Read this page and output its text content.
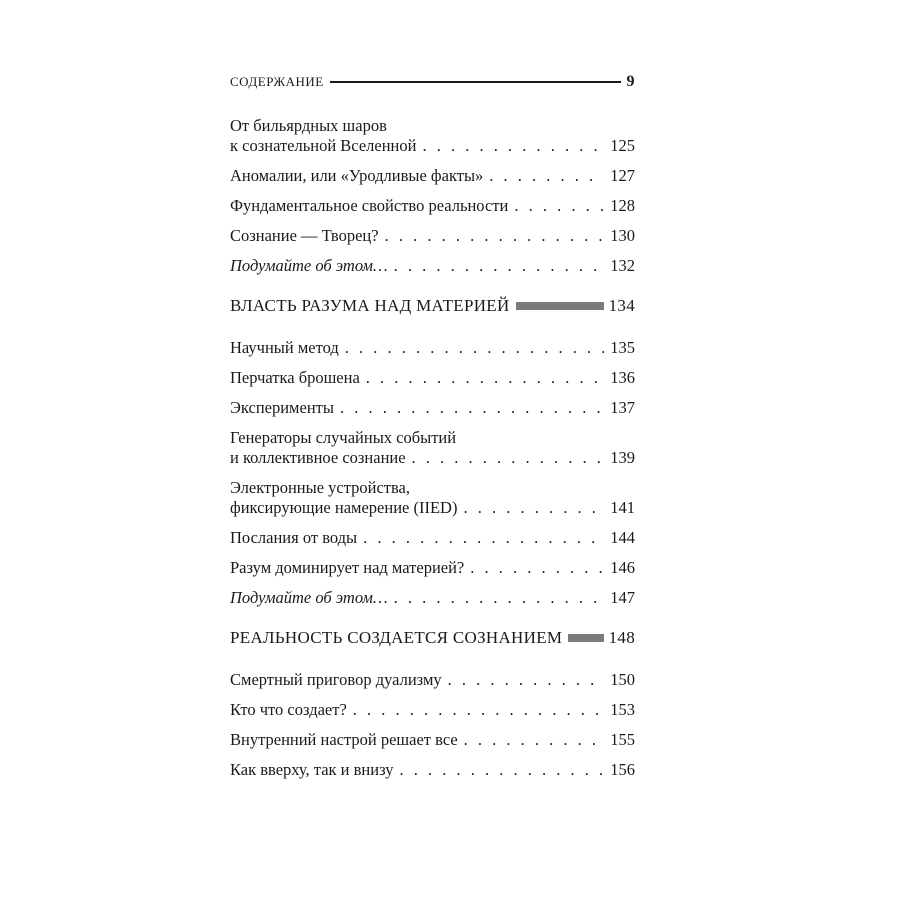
СОДЕРЖАНИЕ	9
От бильярдных шаров
к сознательной Вселенной . . .	125
Аномалии, или «Уродливые факты» . . .	127
Фундаментальное свойство реальности . . .	128
Сознание — Творец? . . .	130
Подумайте об этом… . . .	132
ВЛАСТЬ РАЗУМА НАД МАТЕРИЕЙ	134
Научный метод . . .	135
Перчатка брошена . . .	136
Эксперименты . . .	137
Генераторы случайных событий
и коллективное сознание . . .	139
Электронные устройства,
фиксирующие намерение (IIED) . . .	141
Послания от воды . . .	144
Разум доминирует над материей? . . .	146
Подумайте об этом… . . .	147
РЕАЛЬНОСТЬ СОЗДАЕТСЯ СОЗНАНИЕМ	148
Смертный приговор дуализму . . .	150
Кто что создает? . . .	153
Внутренний настрой решает все . . .	155
Как вверху, так и внизу . . .	156
